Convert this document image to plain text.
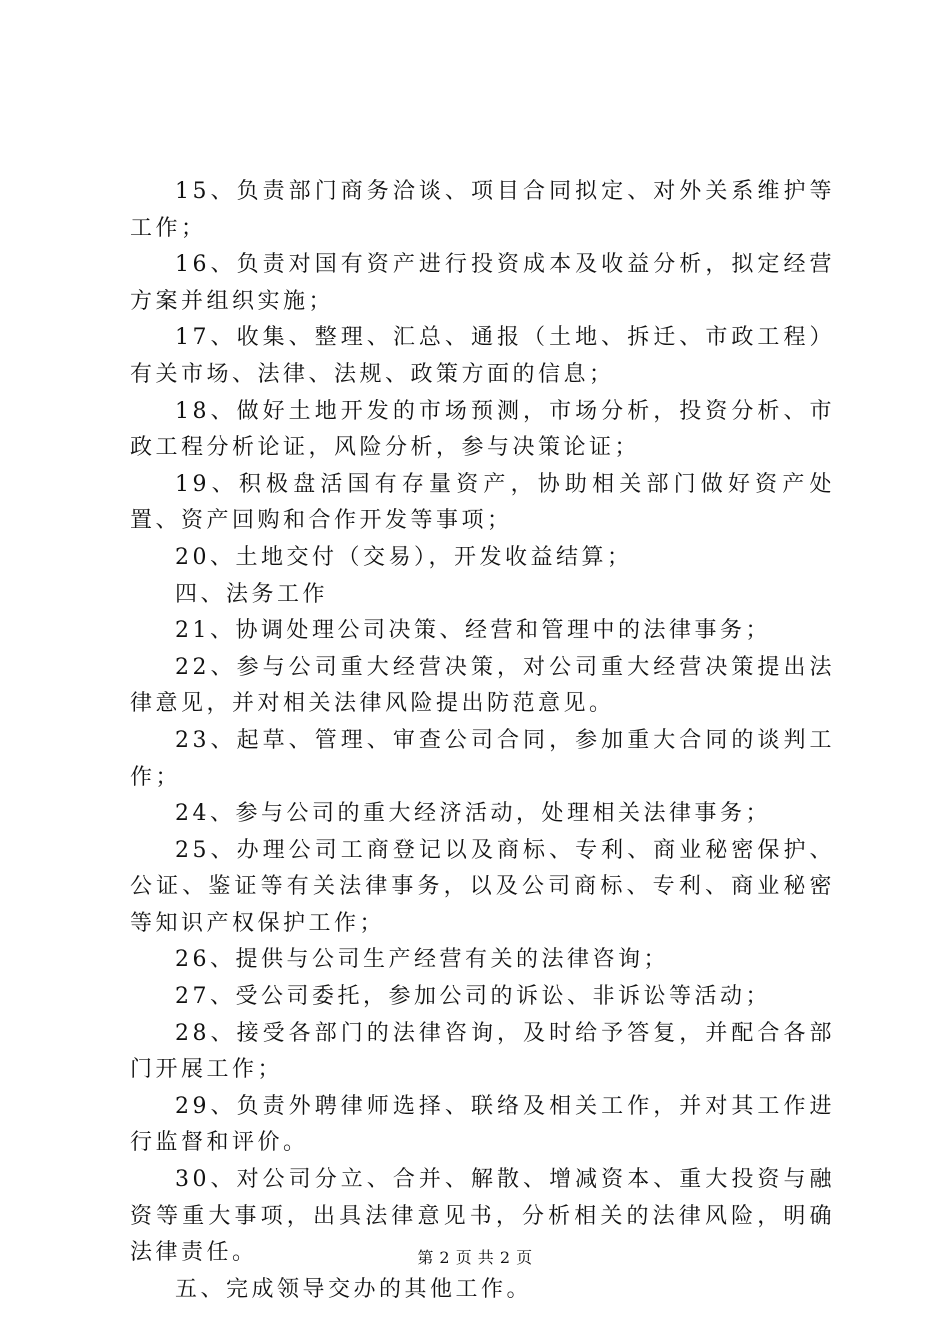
15、负责部门商务洽谈、项目合同拟定、对外关系维护等工作；

16、负责对国有资产进行投资成本及收益分析，拟定经营方案并组织实施；

17、收集、整理、汇总、通报（土地、拆迁、市政工程）有关市场、法律、法规、政策方面的信息；

18、做好土地开发的市场预测，市场分析，投资分析、市政工程分析论证，风险分析，参与决策论证；

19、积极盘活国有存量资产，协助相关部门做好资产处置、资产回购和合作开发等事项；

20、土地交付（交易），开发收益结算；

四、法务工作

21、协调处理公司决策、经营和管理中的法律事务；

22、参与公司重大经营决策，对公司重大经营决策提出法律意见，并对相关法律风险提出防范意见。

23、起草、管理、审查公司合同，参加重大合同的谈判工作；

24、参与公司的重大经济活动，处理相关法律事务；

25、办理公司工商登记以及商标、专利、商业秘密保护、公证、鉴证等有关法律事务，以及公司商标、专利、商业秘密等知识产权保护工作；

26、提供与公司生产经营有关的法律咨询；

27、受公司委托，参加公司的诉讼、非诉讼等活动；

28、接受各部门的法律咨询，及时给予答复，并配合各部门开展工作；

29、负责外聘律师选择、联络及相关工作，并对其工作进行监督和评价。

30、对公司分立、合并、解散、增减资本、重大投资与融资等重大事项，出具法律意见书，分析相关的法律风险，明确法律责任。

五、完成领导交办的其他工作。

第 2 页 共 2 页
